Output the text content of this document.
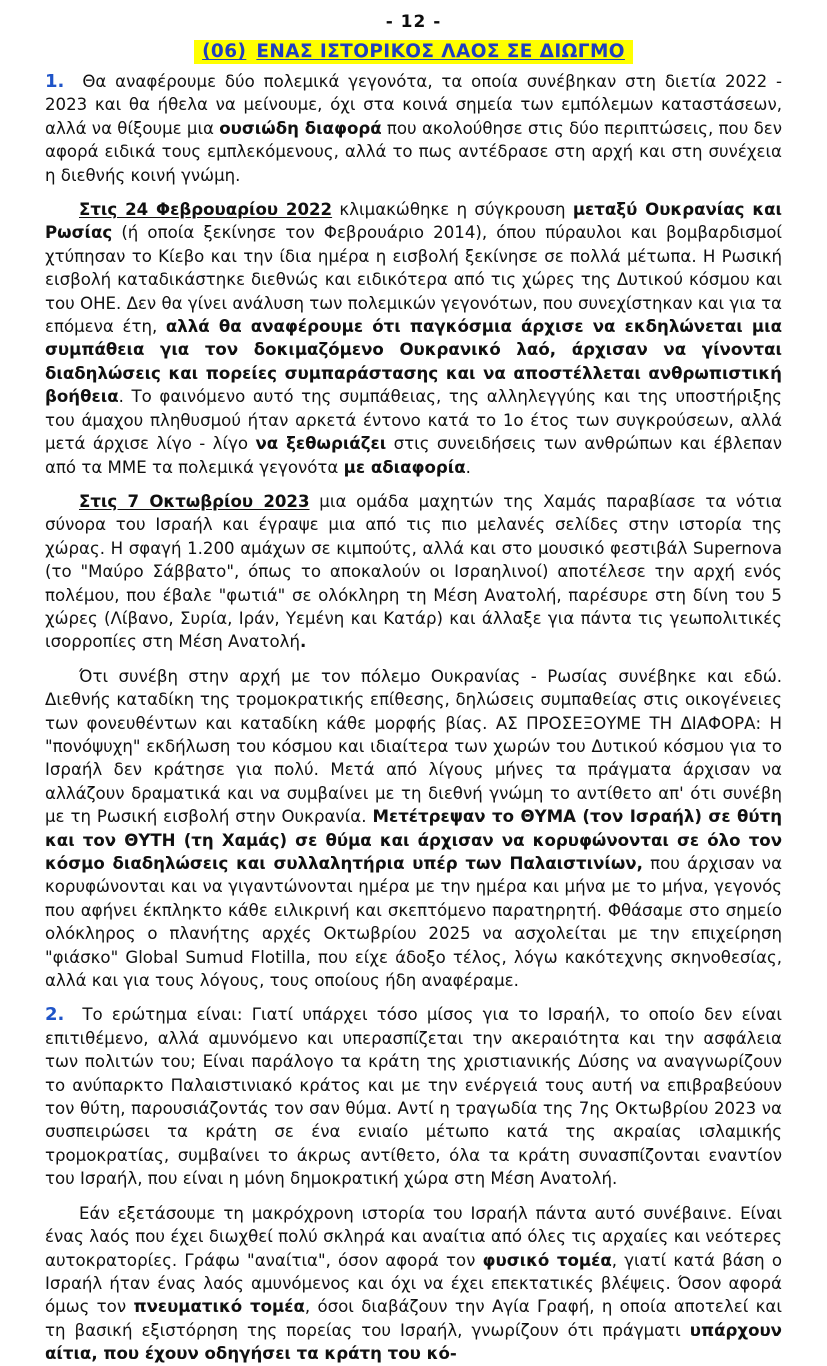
- 12 -
(06) ΕΝΑΣ ΙΣΤΟΡΙΚΟΣ ΛΑΟΣ ΣΕ ΔΙΩΓΜΟ

1. Θα αναφέρουμε δύο πολεμικά γεγονότα, τα οποία συνέβηκαν στη διετία 2022 - 2023 και θα ήθελα να μείνουμε, όχι στα κοινά σημεία των εμπόλεμων καταστάσεων, αλλά να θίξουμε μια ουσιώδη διαφορά που ακολούθησε στις δύο περιπτώσεις, που δεν αφορά ειδικά τους εμπλεκόμενους, αλλά το πως αντέδρασε στη αρχή και στη συνέχεια η διεθνής κοινή γνώμη.

Στις 24 Φεβρουαρίου 2022 κλιμακώθηκε η σύγκρουση μεταξύ Ουκρανίας και Ρωσίας (ή οποία ξεκίνησε τον Φεβρουάριο 2014), όπου πύραυλοι και βομβαρδισμοί χτύπησαν το Κίεβο και την ίδια ημέρα η εισβολή ξεκίνησε σε πολλά μέτωπα. Η Ρωσική εισβολή καταδικάστηκε διεθνώς και ειδικότερα από τις χώρες της Δυτικού κόσμου και του ΟΗΕ. Δεν θα γίνει ανάλυση των πολεμικών γεγονότων, που συνεχίστηκαν και για τα επόμενα έτη, αλλά θα αναφέρουμε ότι παγκόσμια άρχισε να εκδηλώνεται μια συμπάθεια για τον δοκιμαζόμενο Ουκρανικό λαό, άρχισαν να γίνονται διαδηλώσεις και πορείες συμπαράστασης και να αποστέλλεται ανθρωπιστική βοήθεια. Το φαινόμενο αυτό της συμπάθειας, της αλληλεγγύης και της υποστήριξης του άμαχου πληθυσμού ήταν αρκετά έντονο κατά το 1ο έτος των συγκρούσεων, αλλά μετά άρχισε λίγο - λίγο να ξεθωριάζει στις συνειδήσεις των ανθρώπων και έβλεπαν από τα ΜΜΕ τα πολεμικά γεγονότα με αδιαφορία.

Στις 7 Οκτωβρίου 2023 μια ομάδα μαχητών της Χαμάς παραβίασε τα νότια σύνορα του Ισραήλ και έγραψε μια από τις πιο μελανές σελίδες στην ιστορία της χώρας. Η σφαγή 1.200 αμάχων σε κιμπούτς, αλλά και στο μουσικό φεστιβάλ Supernova (το "Μαύρο Σάββατο", όπως το αποκαλούν οι Ισραηλινοί) αποτέλεσε την αρχή ενός πολέμου, που έβαλε "φωτιά" σε ολόκληρη τη Μέση Ανατολή, παρέσυρε στη δίνη του 5 χώρες (Λίβανο, Συρία, Ιράν, Υεμένη και Κατάρ) και άλλαξε για πάντα τις γεωπολιτικές ισορροπίες στη Μέση Ανατολή.

Ότι συνέβη στην αρχή με τον πόλεμο Ουκρανίας - Ρωσίας συνέβηκε και εδώ. Διεθνής καταδίκη της τρομοκρατικής επίθεσης, δηλώσεις συμπαθείας στις οικογένειες των φονευθέντων και καταδίκη κάθε μορφής βίας. ΑΣ ΠΡΟΣΕΞΟΥΜΕ ΤΗ ΔΙΑΦΟΡΑ: Η "πονόψυχη" εκδήλωση του κόσμου και ιδιαίτερα των χωρών του Δυτικού κόσμου για το Ισραήλ δεν κράτησε για πολύ. Μετά από λίγους μήνες τα πράγματα άρχισαν να αλλάζουν δραματικά και να συμβαίνει με τη διεθνή γνώμη το αντίθετο απ' ότι συνέβη με τη Ρωσική εισβολή στην Ουκρανία. Μετέτρεψαν το ΘΥΜΑ (τον Ισραήλ) σε θύτη και τον ΘΥΤΗ (τη Χαμάς) σε θύμα και άρχισαν να κορυφώνονται σε όλο τον κόσμο διαδηλώσεις και συλλαλητήρια υπέρ των Παλαιστινίων, που άρχισαν να κορυφώνονται και να γιγαντώνονται ημέρα με την ημέρα και μήνα με το μήνα, γεγονός που αφήνει έκπληκτο κάθε ειλικρινή και σκεπτόμενο παρατηρητή. Φθάσαμε στο σημείο ολόκληρος ο πλανήτης αρχές Οκτωβρίου 2025 να ασχολείται με την επιχείρηση "φιάσκο" Global Sumud Flotilla, που είχε άδοξο τέλος, λόγω κακότεχνης σκηνοθεσίας, αλλά και για τους λόγους, τους οποίους ήδη αναφέραμε.

2. Το ερώτημα είναι: Γιατί υπάρχει τόσο μίσος για το Ισραήλ, το οποίο δεν είναι επιτιθέμενο, αλλά αμυνόμενο και υπερασπίζεται την ακεραιότητα και την ασφάλεια των πολιτών του; Είναι παράλογο τα κράτη της χριστιανικής Δύσης να αναγνωρίζουν το ανύπαρκτο Παλαιστινιακό κράτος και με την ενέργειά τους αυτή να επιβραβεύουν τον θύτη, παρουσιάζοντάς τον σαν θύμα. Αντί η τραγωδία της 7ης Οκτωβρίου 2023 να συσπειρώσει τα κράτη σε ένα ενιαίο μέτωπο κατά της ακραίας ισλαμικής τρομοκρατίας, συμβαίνει το άκρως αντίθετο, όλα τα κράτη συνασπίζονται εναντίον του Ισραήλ, που είναι η μόνη δημοκρατική χώρα στη Μέση Ανατολή.

Εάν εξετάσουμε τη μακρόχρονη ιστορία του Ισραήλ πάντα αυτό συνέβαινε. Είναι ένας λαός που έχει διωχθεί πολύ σκληρά και αναίτια από όλες τις αρχαίες και νεότερες αυτοκρατορίες. Γράφω "αναίτια", όσον αφορά τον φυσικό τομέα, γιατί κατά βάση ο Ισραήλ ήταν ένας λαός αμυνόμενος και όχι να έχει επεκτατικές βλέψεις. Όσον αφορά όμως τον πνευματικό τομέα, όσοι διαβάζουν την Αγία Γραφή, η οποία αποτελεί και τη βασική εξιστόρηση της πορείας του Ισραήλ, γνωρίζουν ότι πράγματι υπάρχουν αίτια, που έχουν οδηγήσει τα κράτη του κό-
